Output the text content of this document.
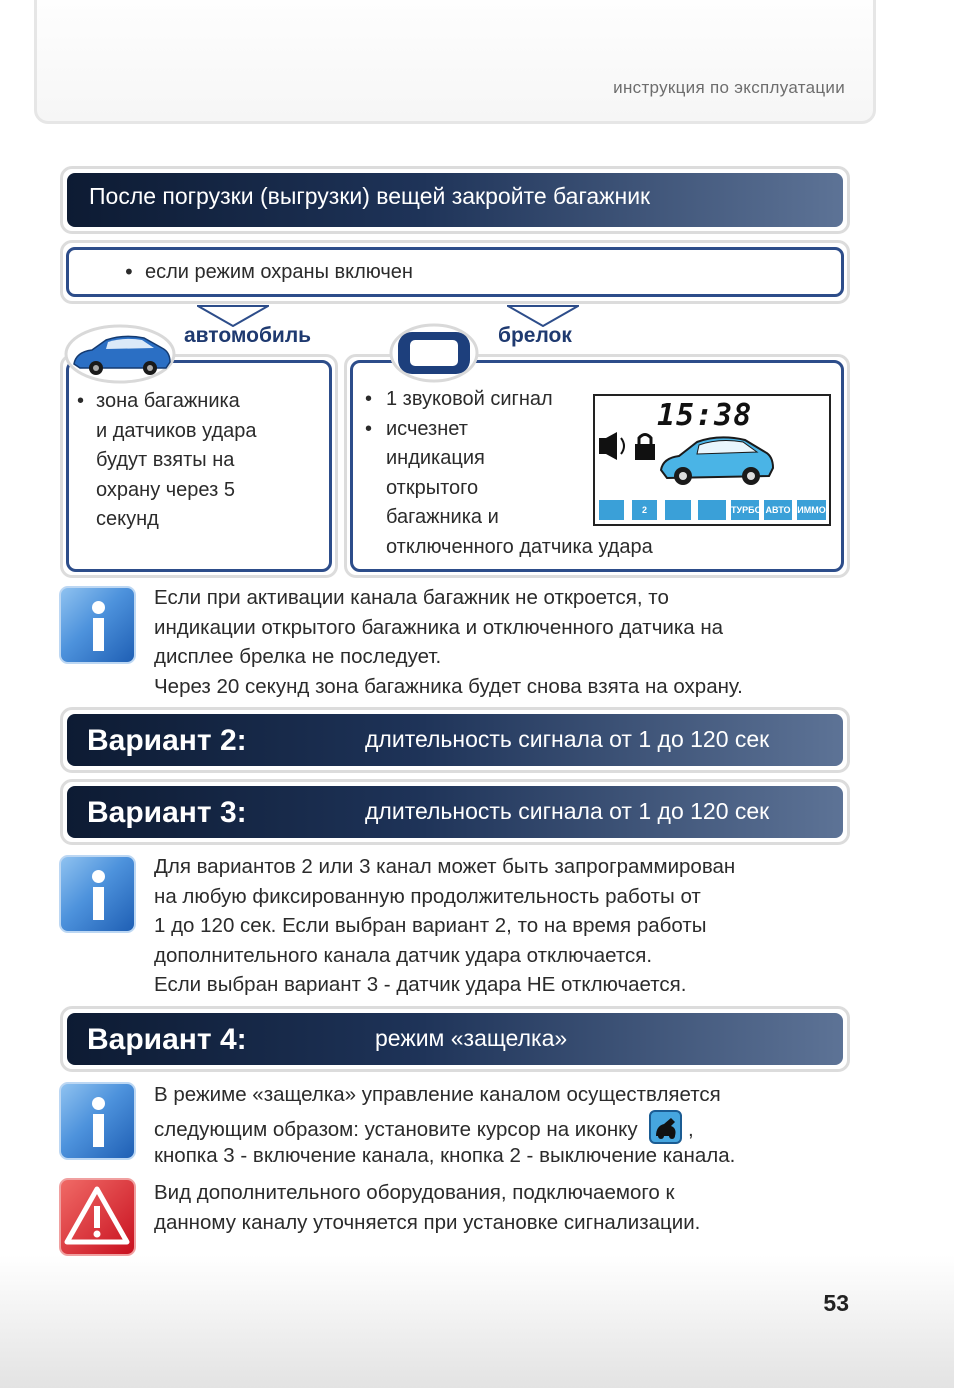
инструкция по эксплуатации
После погрузки (выгрузки) вещей закройте багажник
• если режим охраны включен
• зона багажника
и датчиков удара
будут взяты на
охрану через 5
секунд
автомобиль
• 1 звуковой сигнал
• исчезнет
индикация
открытого
багажника и
отключенного датчика удара
брелок
15:38
2	ТУРБО АВТО ИММО
Если при активации канала багажник не откроется, то
индикации открытого багажника и отключенного датчика на
дисплее брелка не последует.
Через 20 секунд зона багажника будет снова взята на охрану.
Вариант 2:	длительность сигнала от 1 до 120 сек
Вариант 3:	длительность сигнала от 1 до 120 сек
Для вариантов 2 или 3 канал может быть запрограммирован
на любую фиксированную продолжительность работы от
1 до 120 сек. Если выбран вариант 2, то на время работы
дополнительного канала датчик удара отключается.
Если выбран вариант 3 - датчик удара НЕ отключается.
Вариант 4:	режим «защелка»
В режиме «защелка» управление каналом осуществляется
следующим образом: установите курсор на иконку ,
кнопка 3 - включение канала, кнопка 2 - выключение канала.
Вид дополнительного оборудования, подключаемого к
данному каналу уточняется при установке сигнализации.
53
